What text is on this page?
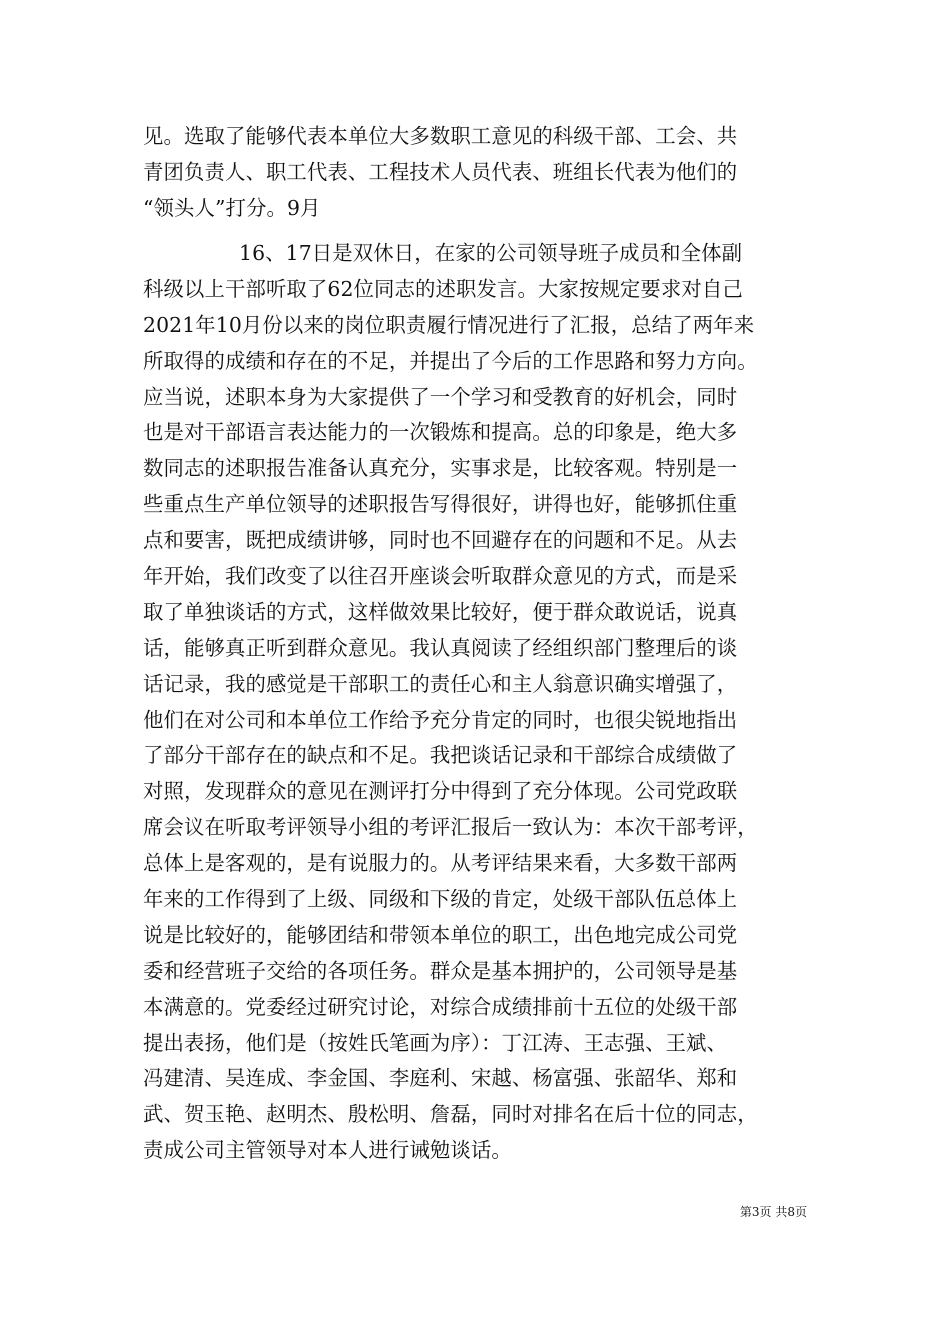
见。选取了能够代表本单位大多数职工意见的科级干部、工会、共
青团负责人、职工代表、工程技术人员代表、班组长代表为他们的
“领头人”打分。9月
16、17日是双休日，在家的公司领导班子成员和全体副
科级以上干部听取了62位同志的述职发言。大家按规定要求对自己
2021年10月份以来的岗位职责履行情况进行了汇报，总结了两年来
所取得的成绩和存在的不足，并提出了今后的工作思路和努力方向。
应当说，述职本身为大家提供了一个学习和受教育的好机会，同时
也是对干部语言表达能力的一次锻炼和提高。总的印象是，绝大多
数同志的述职报告准备认真充分，实事求是，比较客观。特别是一
些重点生产单位领导的述职报告写得很好，讲得也好，能够抓住重
点和要害，既把成绩讲够，同时也不回避存在的问题和不足。从去
年开始，我们改变了以往召开座谈会听取群众意见的方式，而是采
取了单独谈话的方式，这样做效果比较好，便于群众敢说话，说真
话，能够真正听到群众意见。我认真阅读了经组织部门整理后的谈
话记录，我的感觉是干部职工的责任心和主人翁意识确实增强了，
他们在对公司和本单位工作给予充分肯定的同时，也很尖锐地指出
了部分干部存在的缺点和不足。我把谈话记录和干部综合成绩做了
对照，发现群众的意见在测评打分中得到了充分体现。公司党政联
席会议在听取考评领导小组的考评汇报后一致认为：本次干部考评，
总体上是客观的，是有说服力的。从考评结果来看，大多数干部两
年来的工作得到了上级、同级和下级的肯定，处级干部队伍总体上
说是比较好的，能够团结和带领本单位的职工，出色地完成公司党
委和经营班子交给的各项任务。群众是基本拥护的，公司领导是基
本满意的。党委经过研究讨论，对综合成绩排前十五位的处级干部
提出表扬，他们是（按姓氏笔画为序）：丁江涛、王志强、王斌、
冯建清、吴连成、李金国、李庭利、宋越、杨富强、张韶华、郑和
武、贺玉艳、赵明杰、殷松明、詹磊，同时对排名在后十位的同志，
责成公司主管领导对本人进行诫勉谈话。
第3页 共8页
